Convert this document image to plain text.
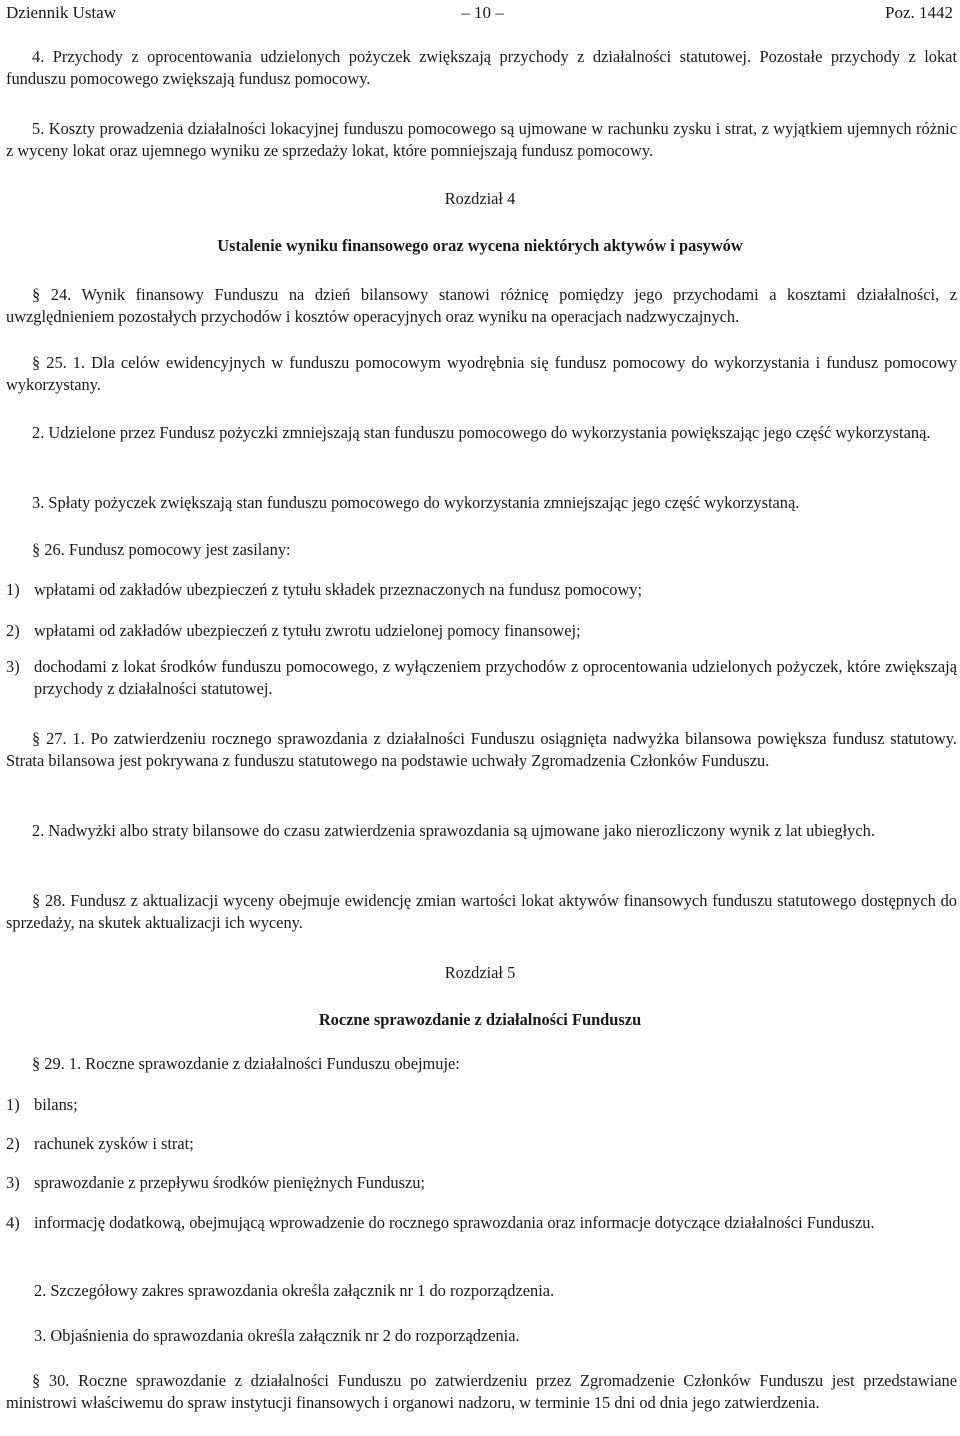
Dziennik Ustaw	– 10 –	Poz. 1442

4. Przychody z oprocentowania udzielonych pożyczek zwiększają przychody z działalności statutowej. Pozostałe przychody z lokat funduszu pomocowego zwiększają fundusz pomocowy.

5. Koszty prowadzenia działalności lokacyjnej funduszu pomocowego są ujmowane w rachunku zysku i strat, z wyjątkiem ujemnych różnic z wyceny lokat oraz ujemnego wyniku ze sprzedaży lokat, które pomniejszają fundusz pomocowy.

Rozdział 4

Ustalenie wyniku finansowego oraz wycena niektórych aktywów i pasywów

§ 24. Wynik finansowy Funduszu na dzień bilansowy stanowi różnicę pomiędzy jego przychodami a kosztami działalności, z uwzględnieniem pozostałych przychodów i kosztów operacyjnych oraz wyniku na operacjach nadzwyczajnych.

§ 25. 1. Dla celów ewidencyjnych w funduszu pomocowym wyodrębnia się fundusz pomocowy do wykorzystania i fundusz pomocowy wykorzystany.

2. Udzielone przez Fundusz pożyczki zmniejszają stan funduszu pomocowego do wykorzystania powiększając jego część wykorzystaną.

3. Spłaty pożyczek zwiększają stan funduszu pomocowego do wykorzystania zmniejszając jego część wykorzystaną.

§ 26. Fundusz pomocowy jest zasilany:

1) wpłatami od zakładów ubezpieczeń z tytułu składek przeznaczonych na fundusz pomocowy;

2) wpłatami od zakładów ubezpieczeń z tytułu zwrotu udzielonej pomocy finansowej;

3) dochodami z lokat środków funduszu pomocowego, z wyłączeniem przychodów z oprocentowania udzielonych pożyczek, które zwiększają przychody z działalności statutowej.

§ 27. 1. Po zatwierdzeniu rocznego sprawozdania z działalności Funduszu osiągnięta nadwyżka bilansowa powiększa fundusz statutowy. Strata bilansowa jest pokrywana z funduszu statutowego na podstawie uchwały Zgromadzenia Członków Funduszu.

2. Nadwyżki albo straty bilansowe do czasu zatwierdzenia sprawozdania są ujmowane jako nierozliczony wynik z lat ubiegłych.

§ 28. Fundusz z aktualizacji wyceny obejmuje ewidencję zmian wartości lokat aktywów finansowych funduszu statutowego dostępnych do sprzedaży, na skutek aktualizacji ich wyceny.

Rozdział 5

Roczne sprawozdanie z działalności Funduszu

§ 29. 1. Roczne sprawozdanie z działalności Funduszu obejmuje:

1) bilans;

2) rachunek zysków i strat;

3) sprawozdanie z przepływu środków pieniężnych Funduszu;

4) informację dodatkową, obejmującą wprowadzenie do rocznego sprawozdania oraz informacje dotyczące działalności Funduszu.

2. Szczegółowy zakres sprawozdania określa załącznik nr 1 do rozporządzenia.

3. Objaśnienia do sprawozdania określa załącznik nr 2 do rozporządzenia.

§ 30. Roczne sprawozdanie z działalności Funduszu po zatwierdzeniu przez Zgromadzenie Członków Funduszu jest przedstawiane ministrowi właściwemu do spraw instytucji finansowych i organowi nadzoru, w terminie 15 dni od dnia jego zatwierdzenia.
